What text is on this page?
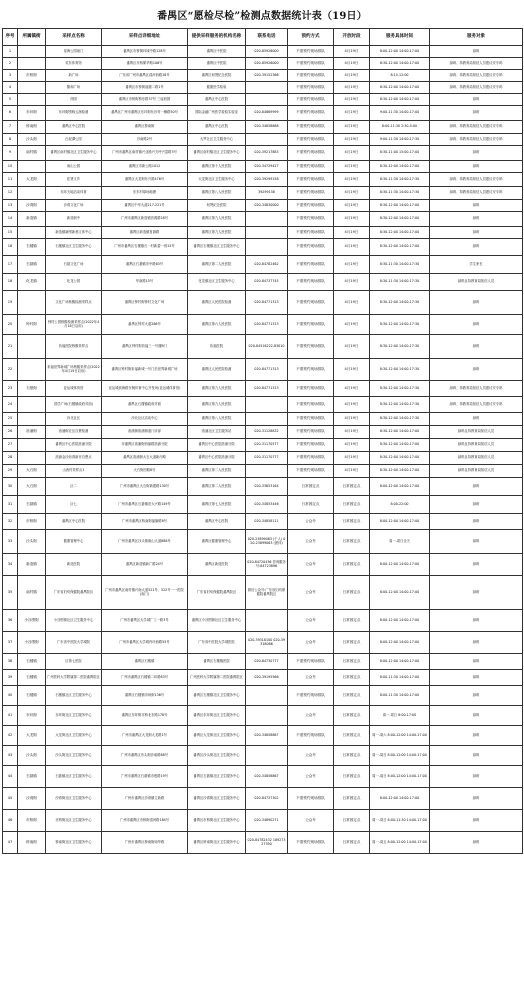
番禺区“愿检尽检”检测点数据统计表（19日）
序号	所属镇街	采样点名称	采样点详细地址	提供采样服务的机构名称	联系电话	预约方式	开放时段	服务具体时间	服务对象
1		星海公园南门	番禺区市桥街环城中路128号	番禺区中医院	020-85926000	不需预约现场排队	4月19日	8:00-12:00 14:00-17:00	绿码
2		英东体育馆	番禺区市桥繁华路106号	番禺区中医院	020-85926000	不需预约现场排队	4月19日	8:30-12:00 14:00-17:00	绿码、持教育局知信人员建议安专码
3	市桥街	新广场	广东省广州市番禺区清河西路18号	番禺区何贤纪念医院	020-39152366	不需预约现场排队	4月19日	8:15-12:00	绿码、持教育局知信人员建议安专码
4		馥和广场	番禺区市桥街福德二路1号	健康医学检验		不需预约现场排队	4月19日	8:30-12:00 14:00-17:00	绿码、持教育局知信人员建议安专码
5		西园	番禺区市桥街桥东路37号 三庙西园	番禺区中心医院		不需预约现场排队	4月19日	8:30-12:00 14:00-17:00	绿码
6	东环街	东环街围称云涧检测	番禺区广州市番禺区东环街东沙村一横路50号	国际金融广州医学检验实验室	020-84869999	不需预约现场排队	4月19日	9:00-11:30 14:00-17:00	绿码
7	桥南街	番禺区中心医院	番禺区桥南街	番禺区中心医院	020-34858888	不需预约现场排队	4月19日	8:00-11:30 2:30-5:00	绿码、持教育局知信人员建议安专码
8	沙头街	白泥潭公园	沙南路2号	大罗社区卫生服务中心		不需预约现场排队	4月19日	9:00-11:30 14:00-17:30	绿码、持教育局知信人员建议安专码
9	南村镇	番禺区南村镇社区卫生服务中心	广州市番禺区南村镇兴业路兴天坪兴富路3号	番禺区南村镇社区卫生服务中心	020-39217883	不需预约现场排队	4月19日	8:30-11:00 15:00-17:00	绿码
10		南山公园	番禺区市新公路1012	番禺区第十人民医院	020-34729427	不需预约现场排队	4月19日	8:30-12:00 14:00-17:00	绿码
11	大龙街	佳贤义乡	番禺区大龙街东兴路476号	大龙街社区卫生服务中心	020-39299158	不需预约现场排队	4月19日	8:30-11:30 14:00-17:30	绿码、持教育局知信人员建议安专码
12		东环天地活动体育	东东村球场地塘	番禺区第八人民医院	39299158	不需预约现场排队	4月19日	8:30-11:30 14:00-17:30	绿码、持教育局知信人员建议安专码
13	沙湾街	沙湾文化广场	番禺区中华大道217-221号	何贤纪念医院	020-34830000	不需预约现场排队	4月19日	8:30-12:00 14:00-17:00	绿码
14	新造镇	新造职中	广州市番禺区新造镇首源路28号	番禺区第九人民医院		不需预约现场排队	4月19日	8:30-12:00 14:00-17:00	绿码
15		新造镇新围新巷文体中心	番禺区新造镇首源路	番禺区第九人民医院		不需预约现场排队	4月19日	8:30-12:00 14:00-17:00	绿码
16	石楼镇	石楼镇社区卫生服务中心	广州市番禺区石楼镇石一村新碧一巷15号	番禺区石楼镇社区卫生服务中心		不需预约现场排队	4月19日	8:30-12:00 14:00-17:00	绿码
17	石碁镇	石碁文化广场	番禺区石碁镇市中路63号	番禺区第二人民医院	020-84782462	不需预约现场排队	4月19日	8:30-11:30 14:00-17:30	学生家长
18	化龙镇	化龙公园	华南路15号	化龙镇社区卫生服务中心	020-84737745	不需预约现场排队	4月19日	8:30-11:30 14:00-17:30	绿码且持教育局知信人员
19		文化广场核酸检测采样点	番禺区钟村街钟村文化广场	番禺区人民医院检测	020-84771313	不需预约现场排队	4月19日	8:30-12:00 14:00-17:30	绿码
20	钟村街	钟村公园核酸检测采样点(2022年4月18日启用)	番禺区钟村大道286号	番禺区第六人民医院	020-84771313	不需预约现场排队	4月19日	8:30-12:00 14:00-17:30	绿码
21		祈福医院核酸采样点	番禺区钟村街祈福三一号楼B门	祈福医院	020-84516222-83010	不需预约现场排队	4月19日	8:30-12:00 14:00-17:30	绿码
22		祈福世界新城广场核酸采样点(2022年4月19日启用)	番禺区钟村街祈福新城一号门后世界新城广场	番禺区人民医院检测	020-84771313	不需预约现场排队	4月19日	8:30-12:00 14:00-17:30	绿码
23	石壁街	亚运城体育馆	亚运城滨海路东侧体育中心开发场(亚运城体育馆)	番禺区第九人民医院	020-84771313	不需预约现场排队	4月19日	8:30-12:00 14:00-17:30	绿码、持教育局知信人员建议安专码
24		国学广场(石楼镇政府对面)	番禺区石楼镇政府对面	番禺区第九人民医院		不需预约现场排队	4月19日	8:30-12:00 14:00-17:30	绿码、持教育局知信人员建议安专码
25		沙北社区	沙北社区活动中心	番禺区第八人民医院		不需预约现场排队	4月19日	8:30-12:00 14:00-17:30	绿码
26	洛浦街	洛浦街社区自费检测	洛浦街洛浦街道门诊部	洛浦社区卫生服务站	020-31128832	不需预约现场排队	4月19日	8:30-12:00 14:00-17:00	绿码且持教育局知信人员
27		番禺区中心医院洛浦分院	市番禺区洛浦街西丽路洛浦分院	番禺区中心医院洛浦分院	020-31170577	不需预约现场排队	4月19日	8:30-12:00 14:00-17:00	绿码且持教育局知信人员
28		洛浦金沙沥湾新市自费点	番禺区洛浦街大石大道新沙路	番禺区中心医院洛浦分院	020-31170777	不需预约现场排队	4月19日	8:30-12:00 14:00-17:00	绿码且持教育局知信人员
29	大石街	山西村采样点1	大石街西路8号	番禺区第二人民医院		不需预约现场排队	4月19日	8:30-12:00 14:00-17:00	绿码且持教育局知信人员
30	大石街	区二	广州市番禺区大石街新建路130号	番禺区第二人民医院	020-33653164	日常固定点	日常固定点	8:00-12:00 14:00-17:00	绿码
31	石碁镇	区七	广州市番禺区石碁镇旧大兴路149号	番禺区第七人民医院	020-34853446	日常固定点	日常固定点	8:00-22:00	绿码
32	市桥街	番禺区中心医院	广州市番禺区桥南街福愉路8号	番禺区中心医院	020-34858111	公众号	日常固定点	8:00-12:00 14:00-17:00	绿码
33	沙头街	健康管理中心	广州市番禺区沙头街南山大道888号	番禺区健康管理中心	020-23899063 (个人) 020-23899063 (团体)	公众号	日常固定点	周一-周日全天	绿码
34	新造镇	新造医院	番禺区新造镇新广路24号	番禺区新造医院	020-84720436 咨询服务号:84723896	公众号	日常固定点	8:00-12:00 14:00-17:00	绿码
35	南村镇	广东省妇幼保健院番禺院区	广州市番禺区南村镇兴南大道521号、522号一一医院(南门)	广东省妇幼保健院番禺院区	微信公众号:广东省妇幼保健院番禺院区	公众号	日常固定点	8:00-12:00 14:00-17:00	绿码
36	小谷围街	小谷围街社区卫生服务中心	广州市番禺区大学城广工一路3号	番禺区小谷围街社区卫生服务中心		公众号	日常固定点	8:00-12:00 14:00-17:00	绿码
37	小谷围街	广东省中医院大学城院	广州市番禺区大学城内环西路55号	广东省中医院大学城医院	020-39318100 020-39318086	公众号	日常固定点	8:00-12:00 14:00-17:00	绿码
38	石楼镇	区第七医院	番禺区石楼镇	番禺区石楼镇医院	020-84730777	不需预约现场排队	日常固定点	8:00-12:00 14:00-17:00	绿码
39	石楼镇	广州医科大学附属第二医院番禺院区	广州市番禺区石楼镇二环路83号	广州医科大学附属第二医院番禺院区	020-39195566	公众号	日常固定点	8:00-11:30 14:00-17:00	绿码
40	石楼镇	石楼镇社区卫生服务中心	番禺区石楼镇市场街136号	番禺区石楼镇社区卫生服务中心		不需预约现场排队	日常固定点	8:00-11:30 14:00-17:00	绿码
41	东环街	东环街社区卫生服务中心	番禺区东环街市桥北东路178号	番禺区东环街社区卫生服务中心		公众号	日常固定点	周一-周日 8:00-17:00	绿码
42	大龙街	大龙街社区卫生服务中心	广州市番禺区大龙街大龙路1号	番禺区大龙街社区卫生服务中心	020-34858867	不需预约现场排队	日常固定点	周一-周六 8:00-12:00 14:00-17:00	绿码
43	沙头街	沙头街社区卫生服务中心	广州市番禺区沙头街沙南路88号	番禺区沙头街社区卫生服务中心		公众号	日常固定点	周一-周日 8:00-12:00 14:00-17:00	绿码
44	石碁镇	石碁镇社区卫生服务中心	广州市番禺区石碁镇市莲路19号	番禺区石碁镇社区卫生服务中心	020-34858867	公众号	日常固定点	周一-周日 8:00-12:00 14:00-17:00	绿码
45	沙湾街	沙湾街社区卫生服务中心	广州市番禺区沙湾镇立新路	番禺区沙湾街社区卫生服务中心	020-84737302	不需预约现场排队	日常固定点	8:00-12:00 14:00-17:00	绿码
46	市桥街	市桥街社区卫生服务中心	广州市番禺区市桥街清河路184号	番禺区市桥街社区卫生服务中心	020-34890271	公众号	日常固定点	周一-周日 8:00-11:30 14:00-17:00	绿码
47	桥南街	桥南街社区卫生服务中心	广州市番禺区桥南街南华路	番禺区桥南街社区卫生服务中心	020-84782432 18927327390	不需预约现场排队	日常固定点	周一-周五 8:00-12:00 14:00-17:00	绿码
